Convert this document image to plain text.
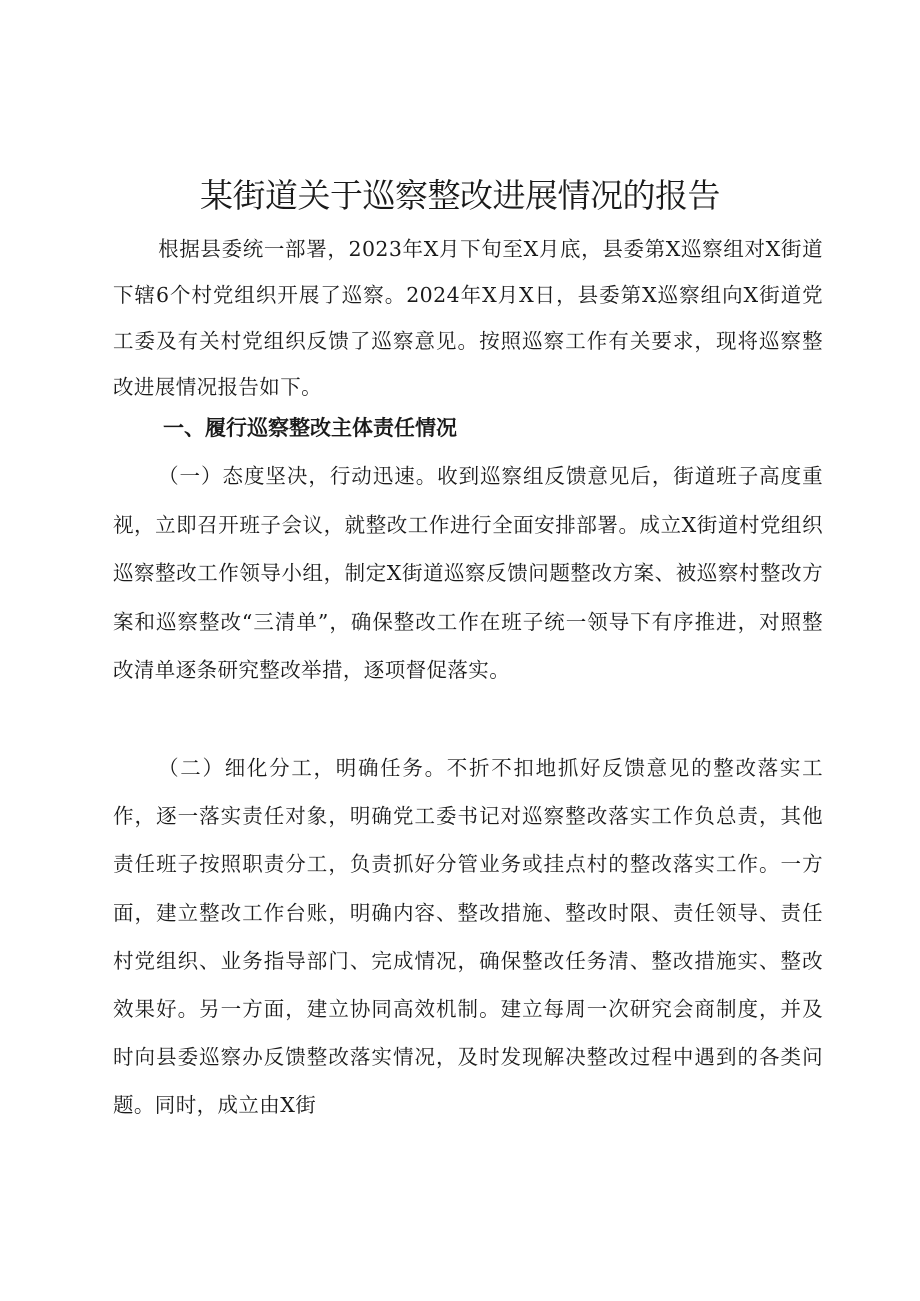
某街道关于巡察整改进展情况的报告

根据县委统一部署，2023年X月下旬至X月底，县委第X巡察组对X街道下辖6个村党组织开展了巡察。2024年X月X日，县委第X巡察组向X街道党工委及有关村党组织反馈了巡察意见。按照巡察工作有关要求，现将巡察整改进展情况报告如下。

一、履行巡察整改主体责任情况

（一）态度坚决，行动迅速。收到巡察组反馈意见后，街道班子高度重视，立即召开班子会议，就整改工作进行全面安排部署。成立X街道村党组织巡察整改工作领导小组，制定X街道巡察反馈问题整改方案、被巡察村整改方案和巡察整改“三清单”，确保整改工作在班子统一领导下有序推进，对照整改清单逐条研究整改举措，逐项督促落实。

（二）细化分工，明确任务。不折不扣地抓好反馈意见的整改落实工作，逐一落实责任对象，明确党工委书记对巡察整改落实工作负总责，其他责任班子按照职责分工，负责抓好分管业务或挂点村的整改落实工作。一方面，建立整改工作台账，明确内容、整改措施、整改时限、责任领导、责任村党组织、业务指导部门、完成情况，确保整改任务清、整改措施实、整改效果好。另一方面，建立协同高效机制。建立每周一次研究会商制度，并及时向县委巡察办反馈整改落实情况，及时发现解决整改过程中遇到的各类问题。同时，成立由X街
